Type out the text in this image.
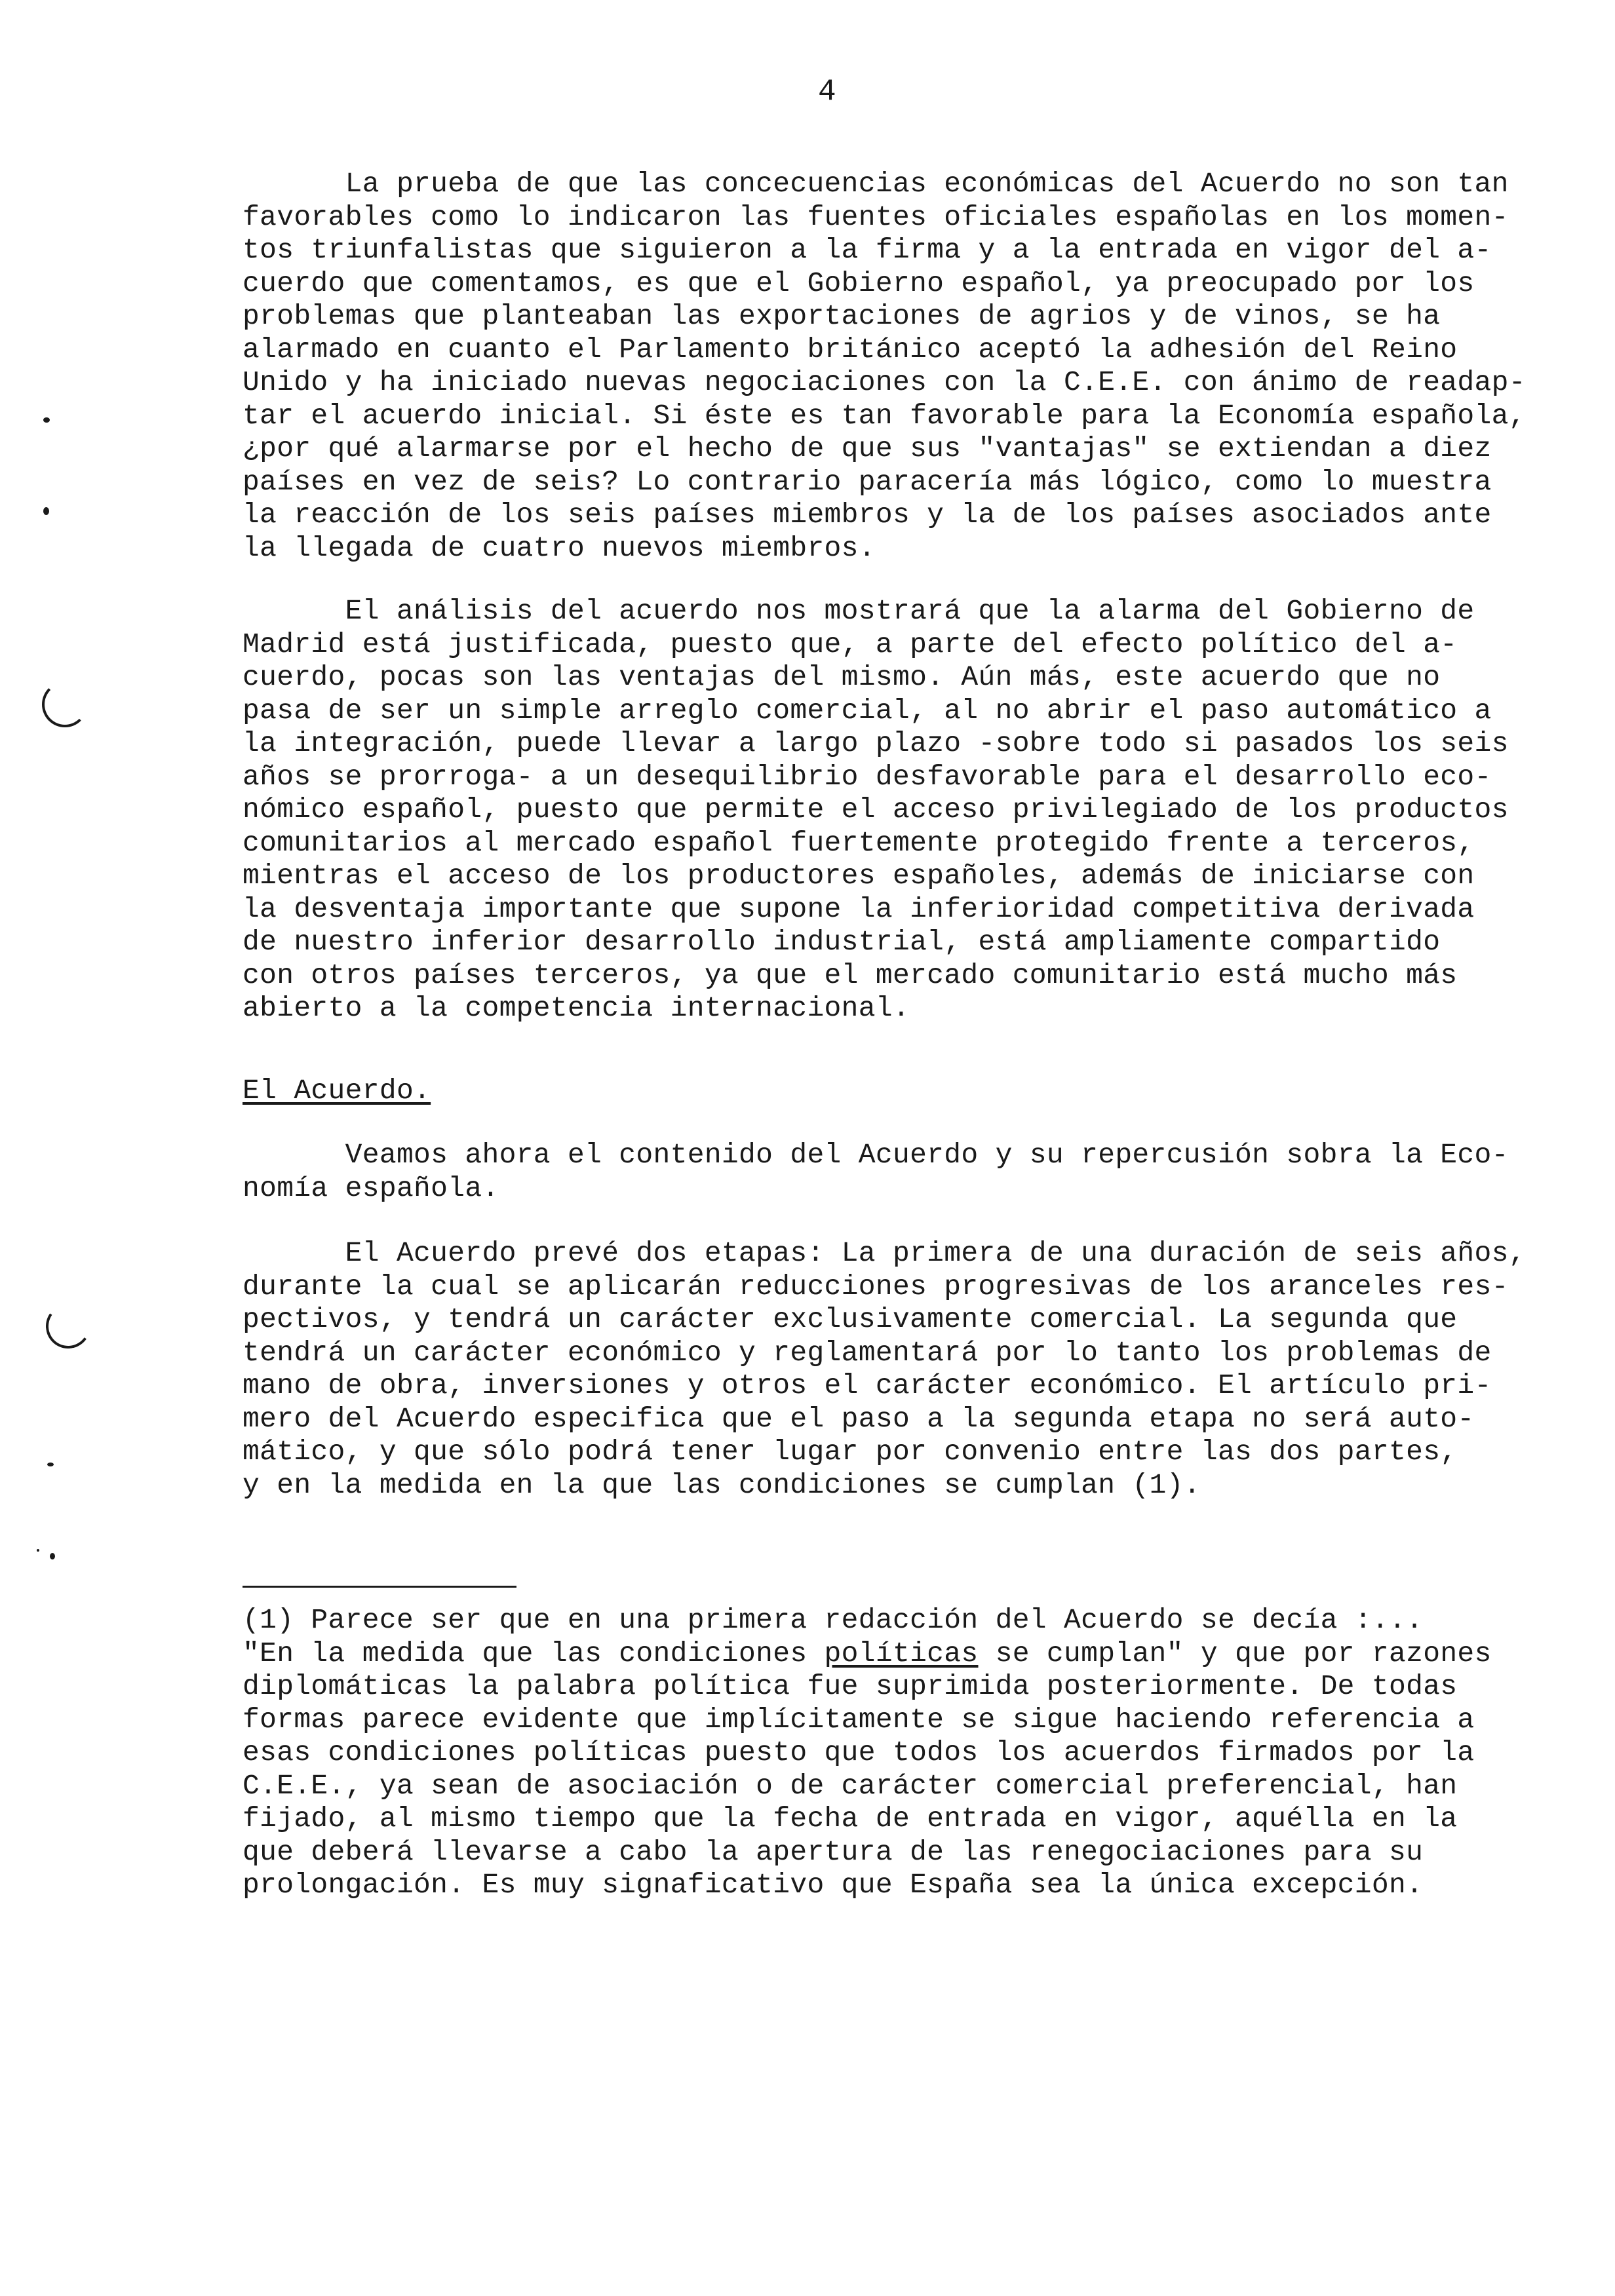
4
La prueba de que las concecuencias económicas del Acuerdo no son tan
favorables como lo indicaron las fuentes oficiales españolas en los momen-
tos triunfalistas que siguieron a la firma y a la entrada en vigor del a-
cuerdo que comentamos, es que el Gobierno español, ya preocupado por los
problemas que planteaban las exportaciones de agrios y de vinos, se ha
alarmado en cuanto el Parlamento británico aceptó la adhesión del Reino
Unido y ha iniciado nuevas negociaciones con la C.E.E. con ánimo de readap-
tar el acuerdo inicial. Si éste es tan favorable para la Economía española,
¿por qué alarmarse por el hecho de que sus "vantajas" se extiendan a diez
países en vez de seis? Lo contrario paracería más lógico, como lo muestra
la reacción de los seis países miembros y la de los países asociados ante
la llegada de cuatro nuevos miembros.
El análisis del acuerdo nos mostrará que la alarma del Gobierno de
Madrid está justificada, puesto que, a parte del efecto político del a-
cuerdo, pocas son las ventajas del mismo. Aún más, este acuerdo que no
pasa de ser un simple arreglo comercial, al no abrir el paso automático a
la integración, puede llevar a largo plazo -sobre todo si pasados los seis
años se prorroga- a un desequilibrio desfavorable para el desarrollo eco-
nómico español, puesto que permite el acceso privilegiado de los productos
comunitarios al mercado español fuertemente protegido frente a terceros,
mientras el acceso de los productores españoles, además de iniciarse con
la desventaja importante que supone la inferioridad competitiva derivada
de nuestro inferior desarrollo industrial, está ampliamente compartido
con otros países terceros, ya que el mercado comunitario está mucho más
abierto a la competencia internacional.
El Acuerdo.
Veamos ahora el contenido del Acuerdo y su repercusión sobra la Eco-
nomía española.
El Acuerdo prevé dos etapas: La primera de una duración de seis años,
durante la cual se aplicarán reducciones progresivas de los aranceles res-
pectivos, y tendrá un carácter exclusivamente comercial. La segunda que
tendrá un carácter económico y reglamentará por lo tanto los problemas de
mano de obra, inversiones y otros el carácter económico. El artículo pri-
mero del Acuerdo especifica que el paso a la segunda etapa no será auto-
mático, y que sólo podrá tener lugar por convenio entre las dos partes,
y en la medida en la que las condiciones se cumplan (1).
(1) Parece ser que en una primera redacción del Acuerdo se decía :...
"En la medida que las condiciones políticas se cumplan" y que por razones
diplomáticas la palabra política fue suprimida posteriormente. De todas
formas parece evidente que implícitamente se sigue haciendo referencia a
esas condiciones políticas puesto que todos los acuerdos firmados por la
C.E.E., ya sean de asociación o de carácter comercial preferencial, han
fijado, al mismo tiempo que la fecha de entrada en vigor, aquélla en la
que deberá llevarse a cabo la apertura de las renegociaciones para su
prolongación. Es muy signaficativo que España sea la única excepción.
